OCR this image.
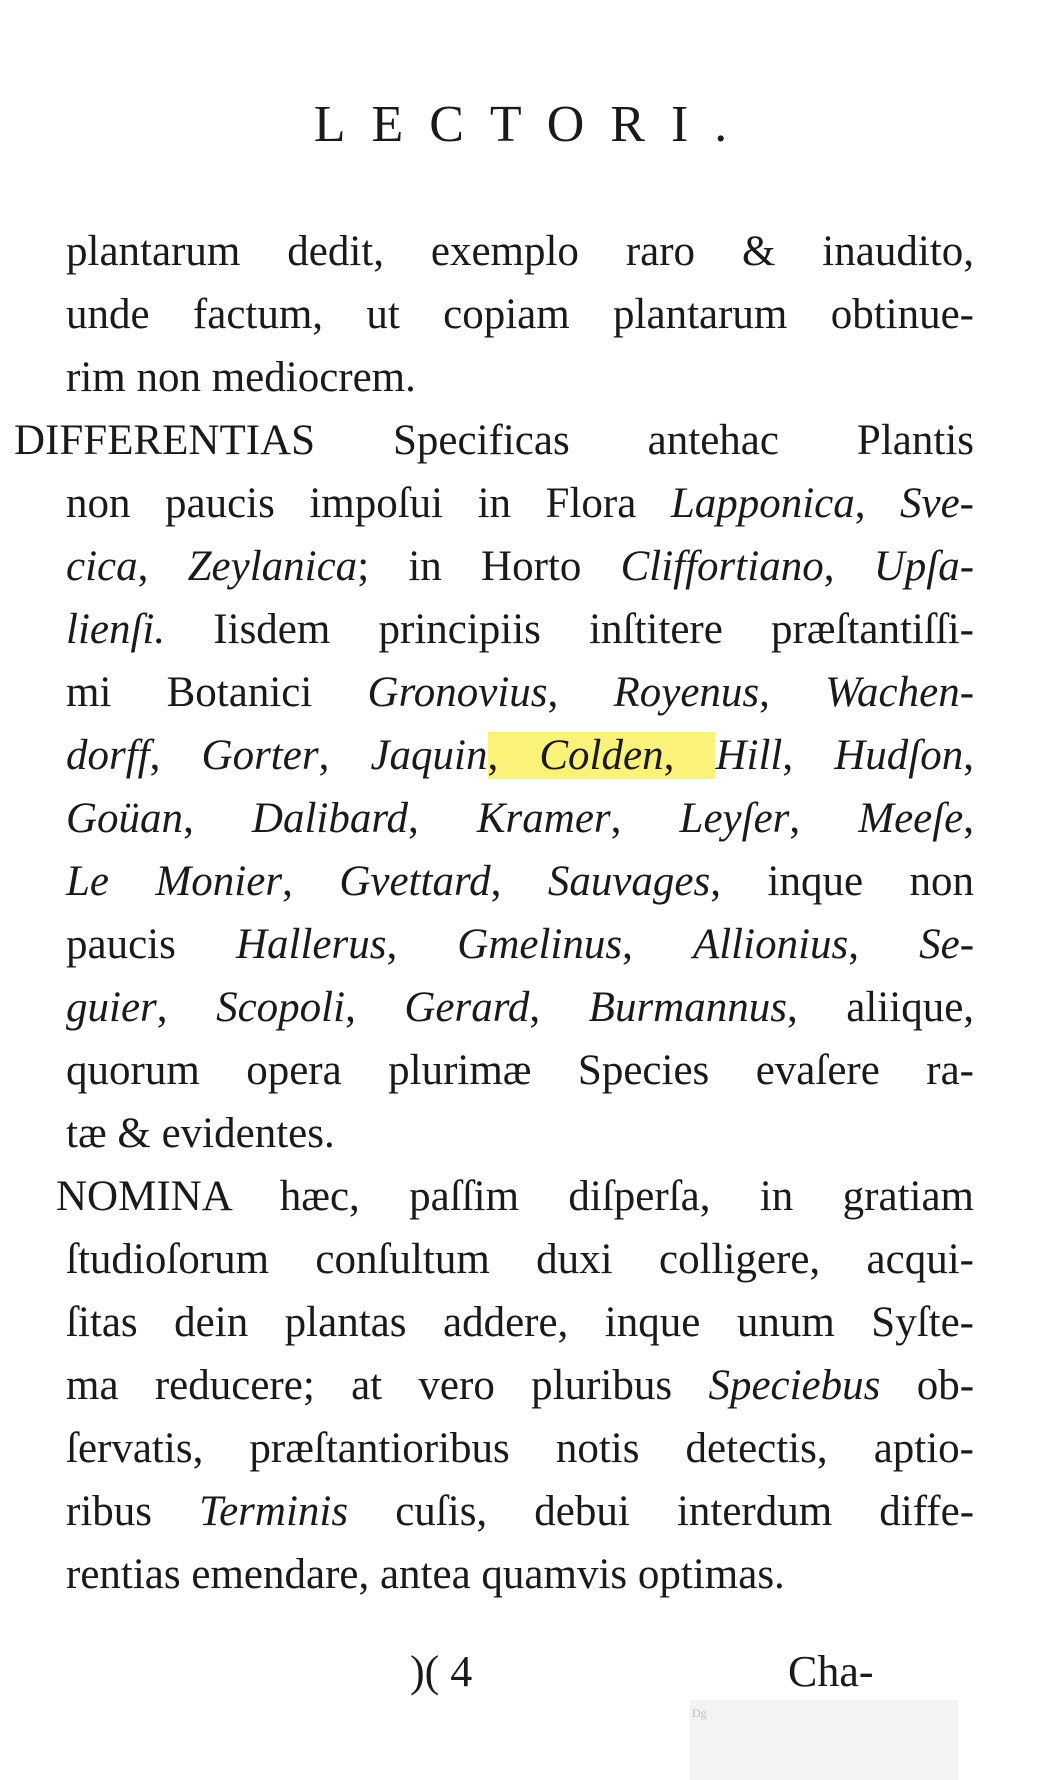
LECTORI.
plantarum dedit, exemplo raro & inaudito,
unde factum, ut copiam plantarum obtinue-
rim non mediocrem.
DIFFERENTIAS Specificas antehac Plantis
non paucis impoſui in Flora Lapponica, Sve-
cica, Zeylanica; in Horto Cliffortiano, Upſa-
lienſi. Iisdem principiis inſtitere præſtantiſſi-
mi Botanici Gronovius, Royenus, Wachen-
dorff, Gorter, Jaquin, Colden, Hill, Hudſon,
Goüan, Dalibard, Kramer, Leyſer, Meeſe,
Le Monier, Gvettard, Sauvages, inque non
paucis Hallerus, Gmelinus, Allionius, Se-
guier, Scopoli, Gerard, Burmannus, aliique,
quorum opera plurimæ Species evaſere ra-
tæ & evidentes.
NOMINA hæc, paſſim diſperſa, in gratiam
ſtudioſorum conſultum duxi colligere, acqui-
ſitas dein plantas addere, inque unum Syſte-
ma reducere; at vero pluribus Speciebus ob-
ſervatis, præſtantioribus notis detectis, aptio-
ribus Terminis cuſis, debui interdum diffe-
rentias emendare, antea quamvis optimas.
)( 4	Cha-
Dg
